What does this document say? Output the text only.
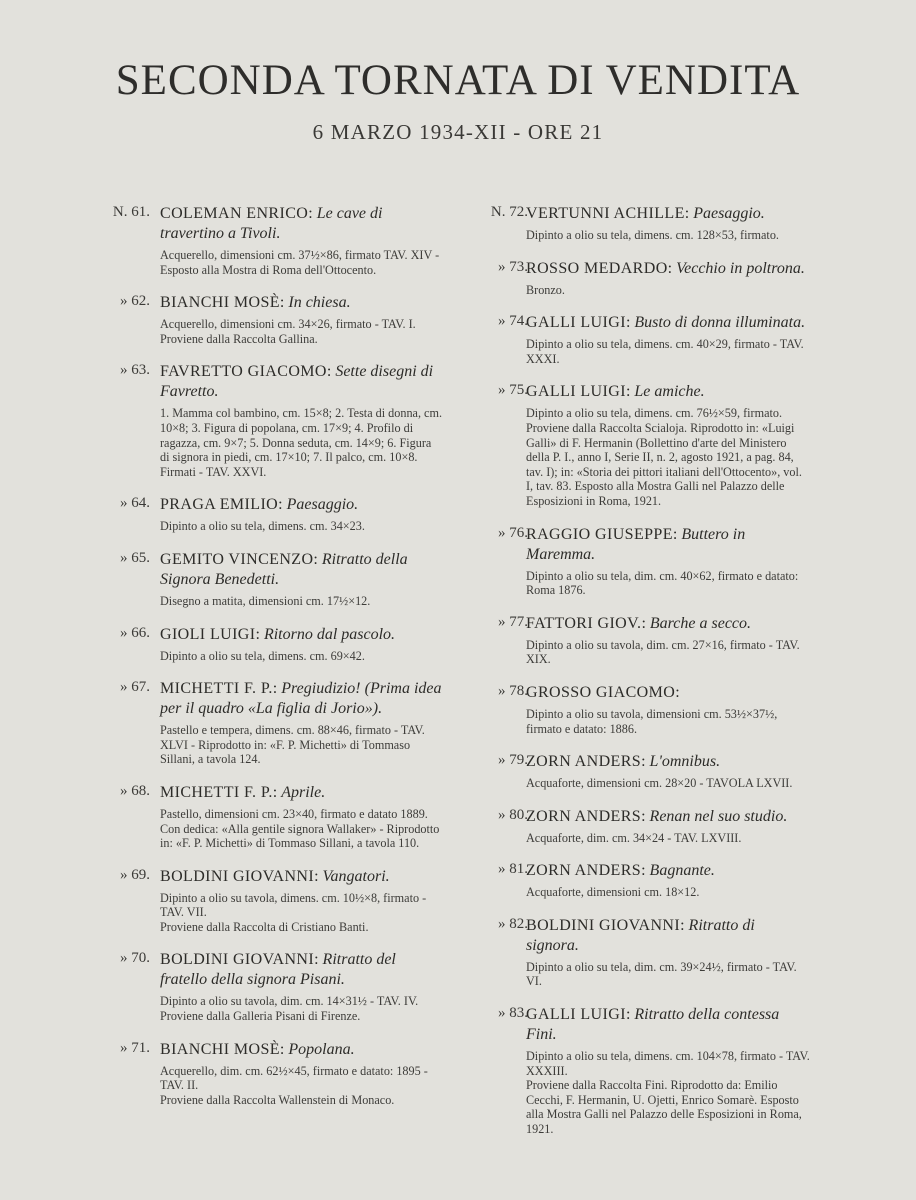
SECONDA TORNATA DI VENDITA
6 MARZO 1934-XII - ORE 21
N. 61. COLEMAN ENRICO: Le cave di travertino a Tivoli.
Acquerello, dimensioni cm. 37½×86, firmato TAV. XIV - Esposto alla Mostra di Roma dell'Ottocento.
» 62. BIANCHI MOSÈ: In chiesa.
Acquerello, dimensioni cm. 34×26, firmato - TAV. I.
Proviene dalla Raccolta Gallina.
» 63. FAVRETTO GIACOMO: Sette disegni di Favretto.
1. Mamma col bambino, cm. 15×8; 2. Testa di donna, cm. 10×8; 3. Figura di popolana, cm. 17×9; 4. Profilo di ragazza, cm. 9×7; 5. Donna seduta, cm. 14×9; 6. Figura di signora in piedi, cm. 17×10; 7. Il palco, cm. 10×8. Firmati - TAV. XXVI.
» 64. PRAGA EMILIO: Paesaggio.
Dipinto a olio su tela, dimens. cm. 34×23.
» 65. GEMITO VINCENZO: Ritratto della Signora Benedetti.
Disegno a matita, dimensioni cm. 17½×12.
» 66. GIOLI LUIGI: Ritorno dal pascolo.
Dipinto a olio su tela, dimens. cm. 69×42.
» 67. MICHETTI F. P.: Pregiudizio! (Prima idea per il quadro «La figlia di Jorio»).
Pastello e tempera, dimens. cm. 88×46, firmato - TAV. XLVI - Riprodotto in: «F. P. Michetti» di Tommaso Sillani, a tavola 124.
» 68. MICHETTI F. P.: Aprile.
Pastello, dimensioni cm. 23×40, firmato e datato 1889. Con dedica: «Alla gentile signora Wallaker» - Riprodotto in: «F. P. Michetti» di Tommaso Sillani, a tavola 110.
» 69. BOLDINI GIOVANNI: Vangatori.
Dipinto a olio su tavola, dimens. cm. 10½×8, firmato - TAV. VII.
Proviene dalla Raccolta di Cristiano Banti.
» 70. BOLDINI GIOVANNI: Ritratto del fratello della signora Pisani.
Dipinto a olio su tavola, dim. cm. 14×31½ - TAV. IV.
Proviene dalla Galleria Pisani di Firenze.
» 71. BIANCHI MOSÈ: Popolana.
Acquerello, dim. cm. 62½×45, firmato e datato: 1895 - TAV. II.
Proviene dalla Raccolta Wallenstein di Monaco.
N. 72.
VERTUNNI ACHILLE: Paesaggio.
Dipinto a olio su tela, dimens. cm. 128×53, firmato.
» 73.
ROSSO MEDARDO: Vecchio in poltrona.
Bronzo.
» 74.
GALLI LUIGI: Busto di donna illuminata.
Dipinto a olio su tela, dimens. cm. 40×29, firmato - TAV. XXXI.
» 75.
GALLI LUIGI: Le amiche.
Dipinto a olio su tela, dimens. cm. 76½×59, firmato.
Proviene dalla Raccolta Scialoja. Riprodotto in: «Luigi Galli» di F. Hermanin (Bollettino d'arte del Ministero della P. I., anno I, Serie II, n. 2, agosto 1921, a pag. 84, tav. I); in: «Storia dei pittori italiani dell'Ottocento», vol. I, tav. 83. Esposto alla Mostra Galli nel Palazzo delle Esposizioni in Roma, 1921.
» 76.
RAGGIO GIUSEPPE: Buttero in Maremma.
Dipinto a olio su tela, dim. cm. 40×62, firmato e datato: Roma 1876.
» 77.
FATTORI GIOV.: Barche a secco.
Dipinto a olio su tavola, dim. cm. 27×16, firmato - TAV. XIX.
» 78.
GROSSO GIACOMO:
Dipinto a olio su tavola, dimensioni cm. 53½×37½, firmato e datato: 1886.
» 79.
ZORN ANDERS: L'omnibus.
Acquaforte, dimensioni cm. 28×20 - TAVOLA LXVII.
» 80.
ZORN ANDERS: Renan nel suo studio.
Acquaforte, dim. cm. 34×24 - TAV. LXVIII.
» 81.
ZORN ANDERS: Bagnante.
Acquaforte, dimensioni cm. 18×12.
» 82.
BOLDINI GIOVANNI: Ritratto di signora.
Dipinto a olio su tela, dim. cm. 39×24½, firmato - TAV. VI.
» 83.
GALLI LUIGI: Ritratto della contessa Fini.
Dipinto a olio su tela, dimens. cm. 104×78, firmato - TAV. XXXIII.
Proviene dalla Raccolta Fini. Riprodotto da: Emilio Cecchi, F. Hermanin, U. Ojetti, Enrico Somarè. Esposto alla Mostra Galli nel Palazzo delle Esposizioni in Roma, 1921.
